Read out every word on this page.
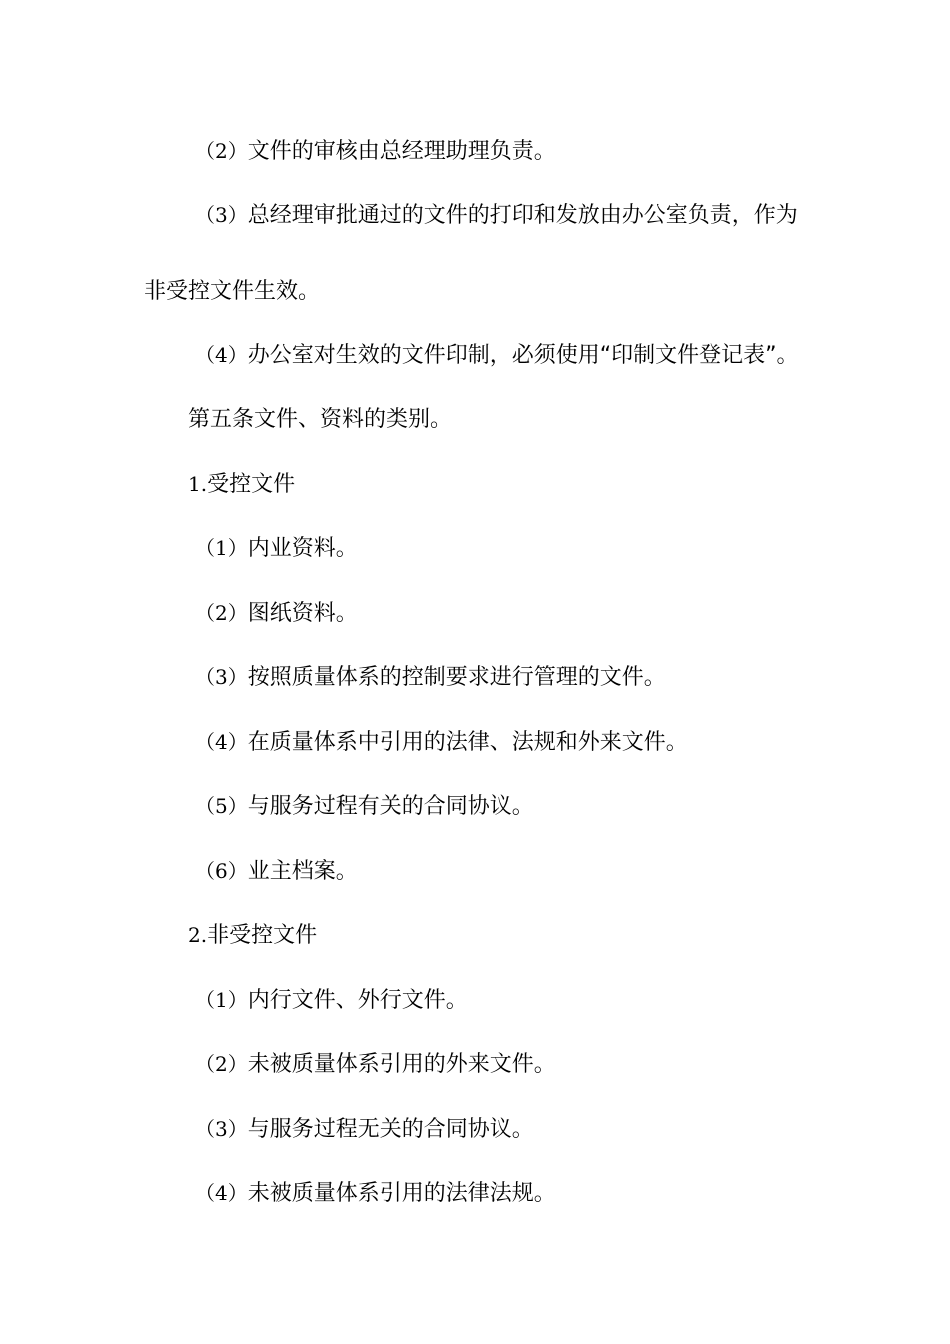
（2）文件的审核由总经理助理负责。
（3）总经理审批通过的文件的打印和发放由办公室负责，作为
非受控文件生效。
（4）办公室对生效的文件印制，必须使用“印制文件登记表”。
第五条文件、资料的类别。
1.受控文件
（1）内业资料。
（2）图纸资料。
（3）按照质量体系的控制要求进行管理的文件。
（4）在质量体系中引用的法律、法规和外来文件。
（5）与服务过程有关的合同协议。
（6）业主档案。
2.非受控文件
（1）内行文件、外行文件。
（2）未被质量体系引用的外来文件。
（3）与服务过程无关的合同协议。
（4）未被质量体系引用的法律法规。
